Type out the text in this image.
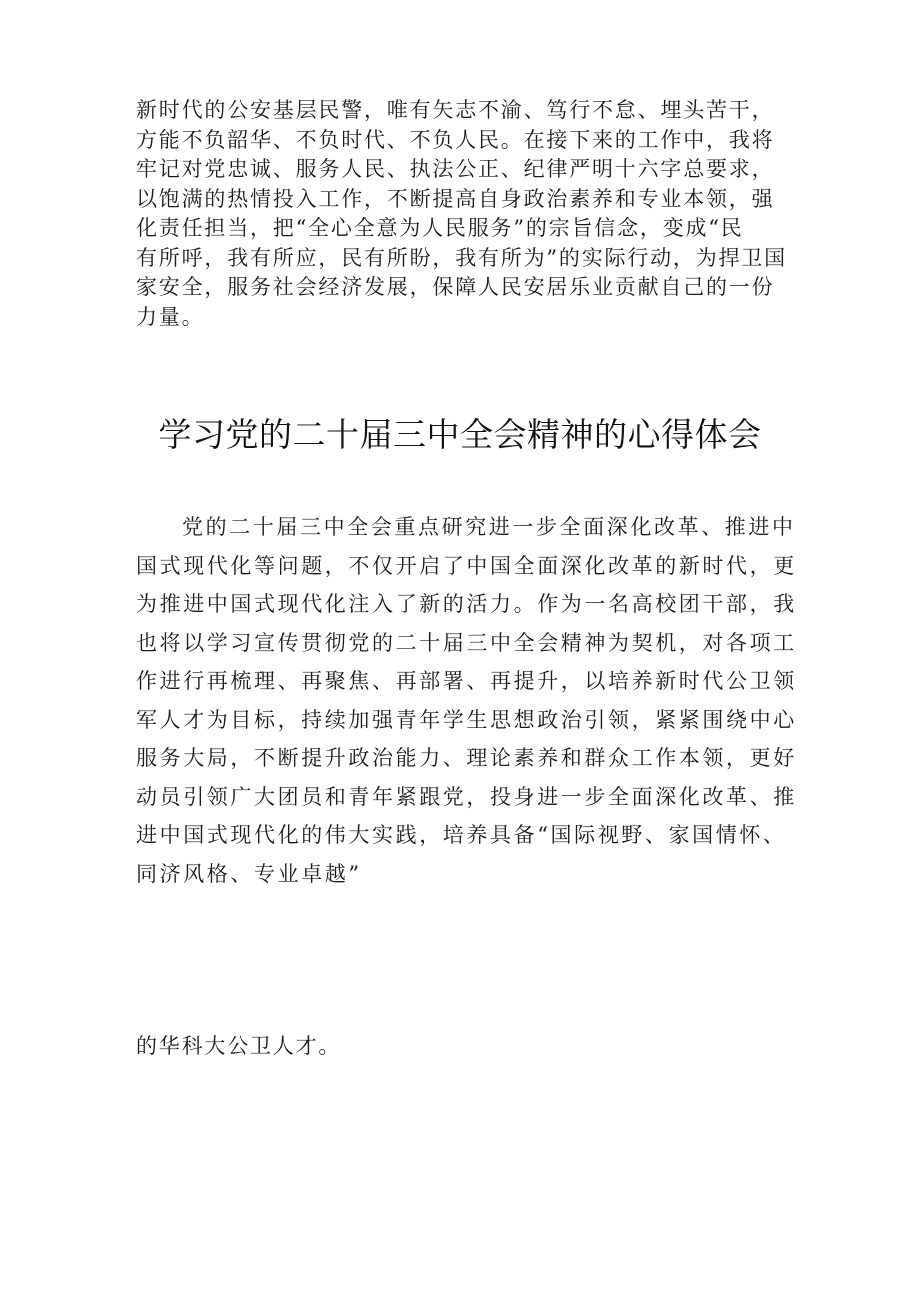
新时代的公安基层民警，唯有矢志不渝、笃行不怠、埋头苦干，
方能不负韶华、不负时代、不负人民。在接下来的工作中，我将
牢记对党忠诚、服务人民、执法公正、纪律严明十六字总要求，
以饱满的热情投入工作，不断提高自身政治素养和专业本领，强
化责任担当，把“全心全意为人民服务”的宗旨信念，变成“民
有所呼，我有所应，民有所盼，我有所为”的实际行动，为捍卫国
家安全，服务社会经济发展，保障人民安居乐业贡献自己的一份
力量。
学习党的二十届三中全会精神的心得体会
党的二十届三中全会重点研究进一步全面深化改革、推进中
国式现代化等问题，不仅开启了中国全面深化改革的新时代，更
为推进中国式现代化注入了新的活力。作为一名高校团干部，我
也将以学习宣传贯彻党的二十届三中全会精神为契机，对各项工
作进行再梳理、再聚焦、再部署、再提升，以培养新时代公卫领
军人才为目标，持续加强青年学生思想政治引领，紧紧围绕中心
服务大局，不断提升政治能力、理论素养和群众工作本领，更好
动员引领广大团员和青年紧跟党，投身进一步全面深化改革、推
进中国式现代化的伟大实践，培养具备“国际视野、家国情怀、
同济风格、专业卓越”
的华科大公卫人才。
